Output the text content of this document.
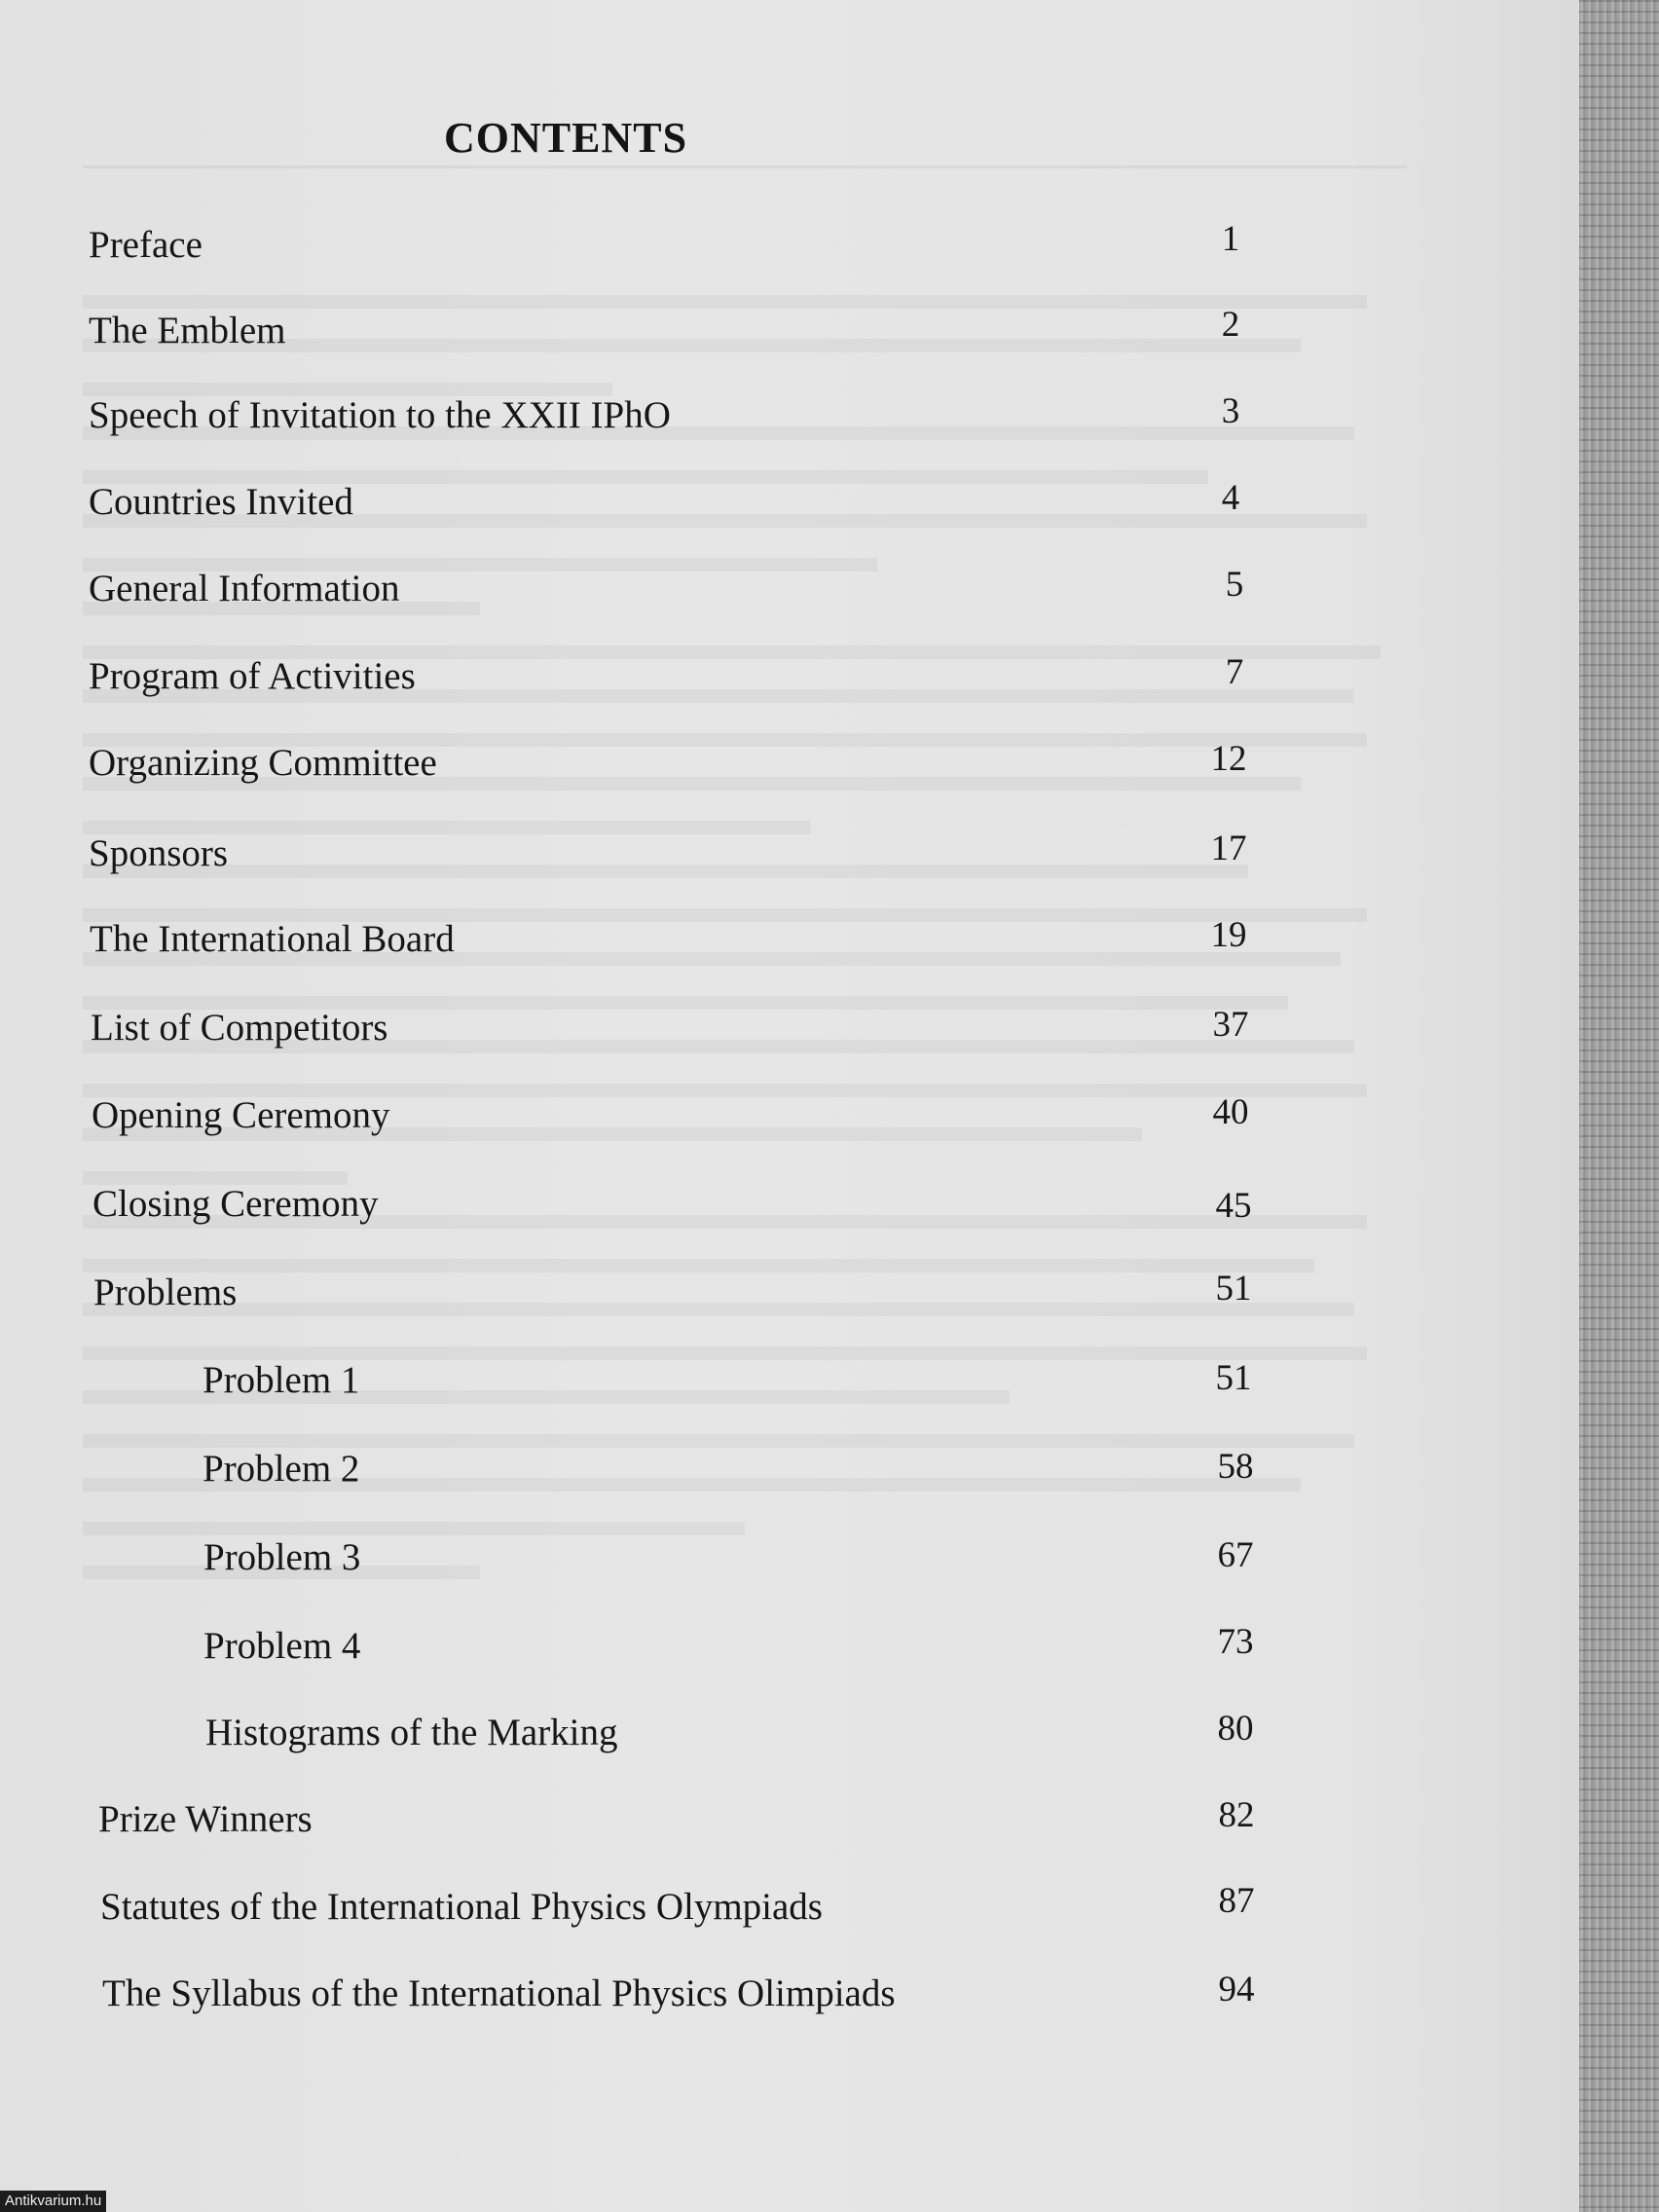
CONTENTS
Preface	1
The Emblem	2
Speech of Invitation to the XXII IPhO	3
Countries Invited	4
General Information	5
Program of Activities	7
Organizing Committee	12
Sponsors	17
The International Board	19
List of Competitors	37
Opening Ceremony	40
Closing Ceremony	45
Problems	51
Problem 1	51
Problem 2	58
Problem 3	67
Problem 4	73
Histograms of the Marking	80
Prize Winners	82
Statutes of the International Physics Olympiads	87
The Syllabus of the International Physics Olimpiads	94
Antikvarium.hu
